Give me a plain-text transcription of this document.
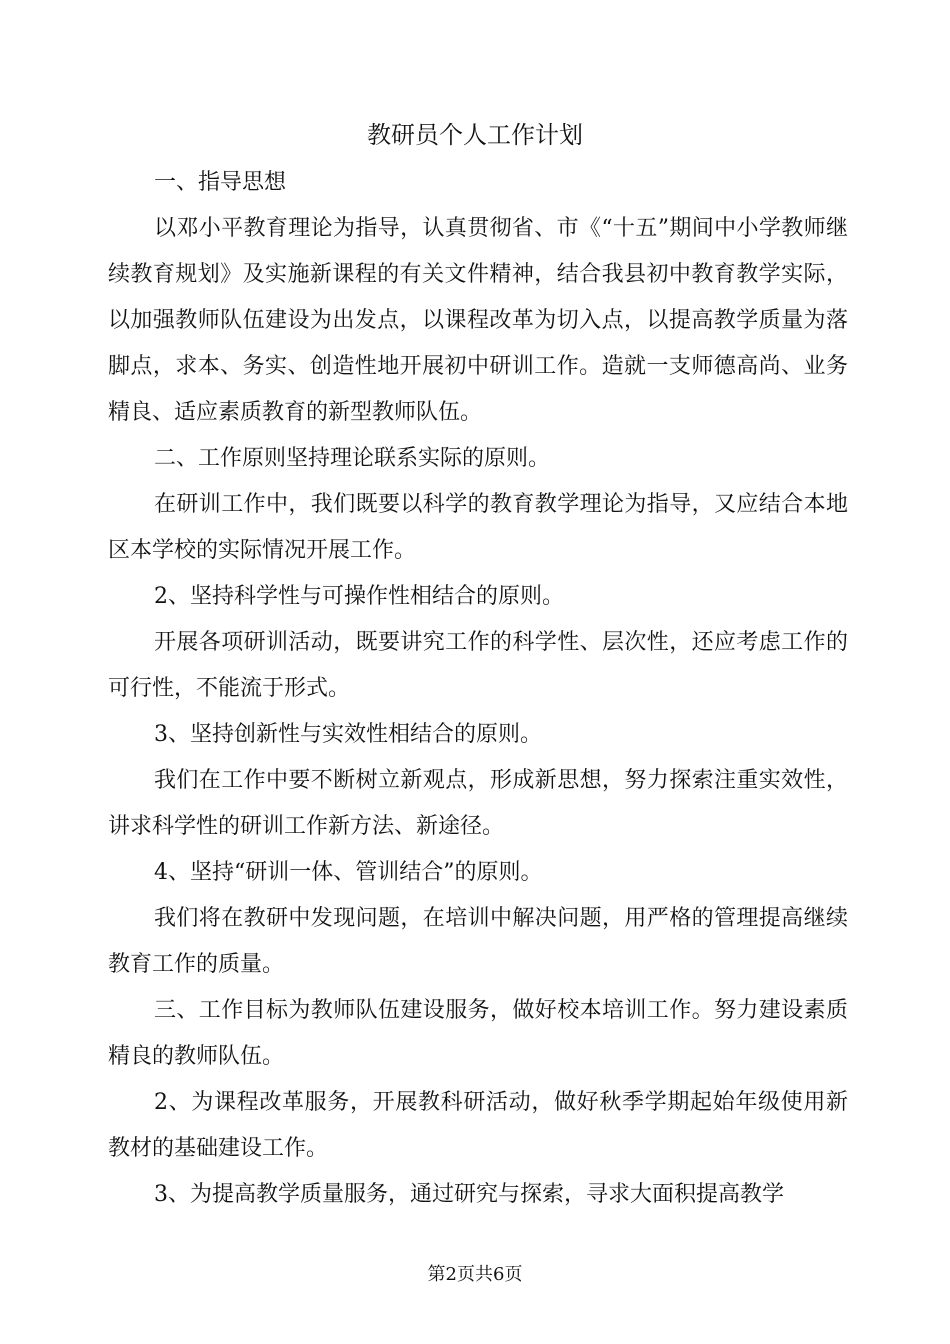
教研员个人工作计划

一、指导思想

以邓小平教育理论为指导，认真贯彻省、市《“十五”期间中小学教师继续教育规划》及实施新课程的有关文件精神，结合我县初中教育教学实际，以加强教师队伍建设为出发点，以课程改革为切入点，以提高教学质量为落脚点，求本、务实、创造性地开展初中研训工作。造就一支师德高尚、业务精良、适应素质教育的新型教师队伍。

二、工作原则坚持理论联系实际的原则。

在研训工作中，我们既要以科学的教育教学理论为指导，又应结合本地区本学校的实际情况开展工作。

2、坚持科学性与可操作性相结合的原则。

开展各项研训活动，既要讲究工作的科学性、层次性，还应考虑工作的可行性，不能流于形式。

3、坚持创新性与实效性相结合的原则。

我们在工作中要不断树立新观点，形成新思想，努力探索注重实效性，讲求科学性的研训工作新方法、新途径。

4、坚持“研训一体、管训结合”的原则。

我们将在教研中发现问题，在培训中解决问题，用严格的管理提高继续教育工作的质量。

三、工作目标为教师队伍建设服务，做好校本培训工作。努力建设素质精良的教师队伍。

2、为课程改革服务，开展教科研活动，做好秋季学期起始年级使用新教材的基础建设工作。

3、为提高教学质量服务，通过研究与探索，寻求大面积提高教学

第2页共6页
